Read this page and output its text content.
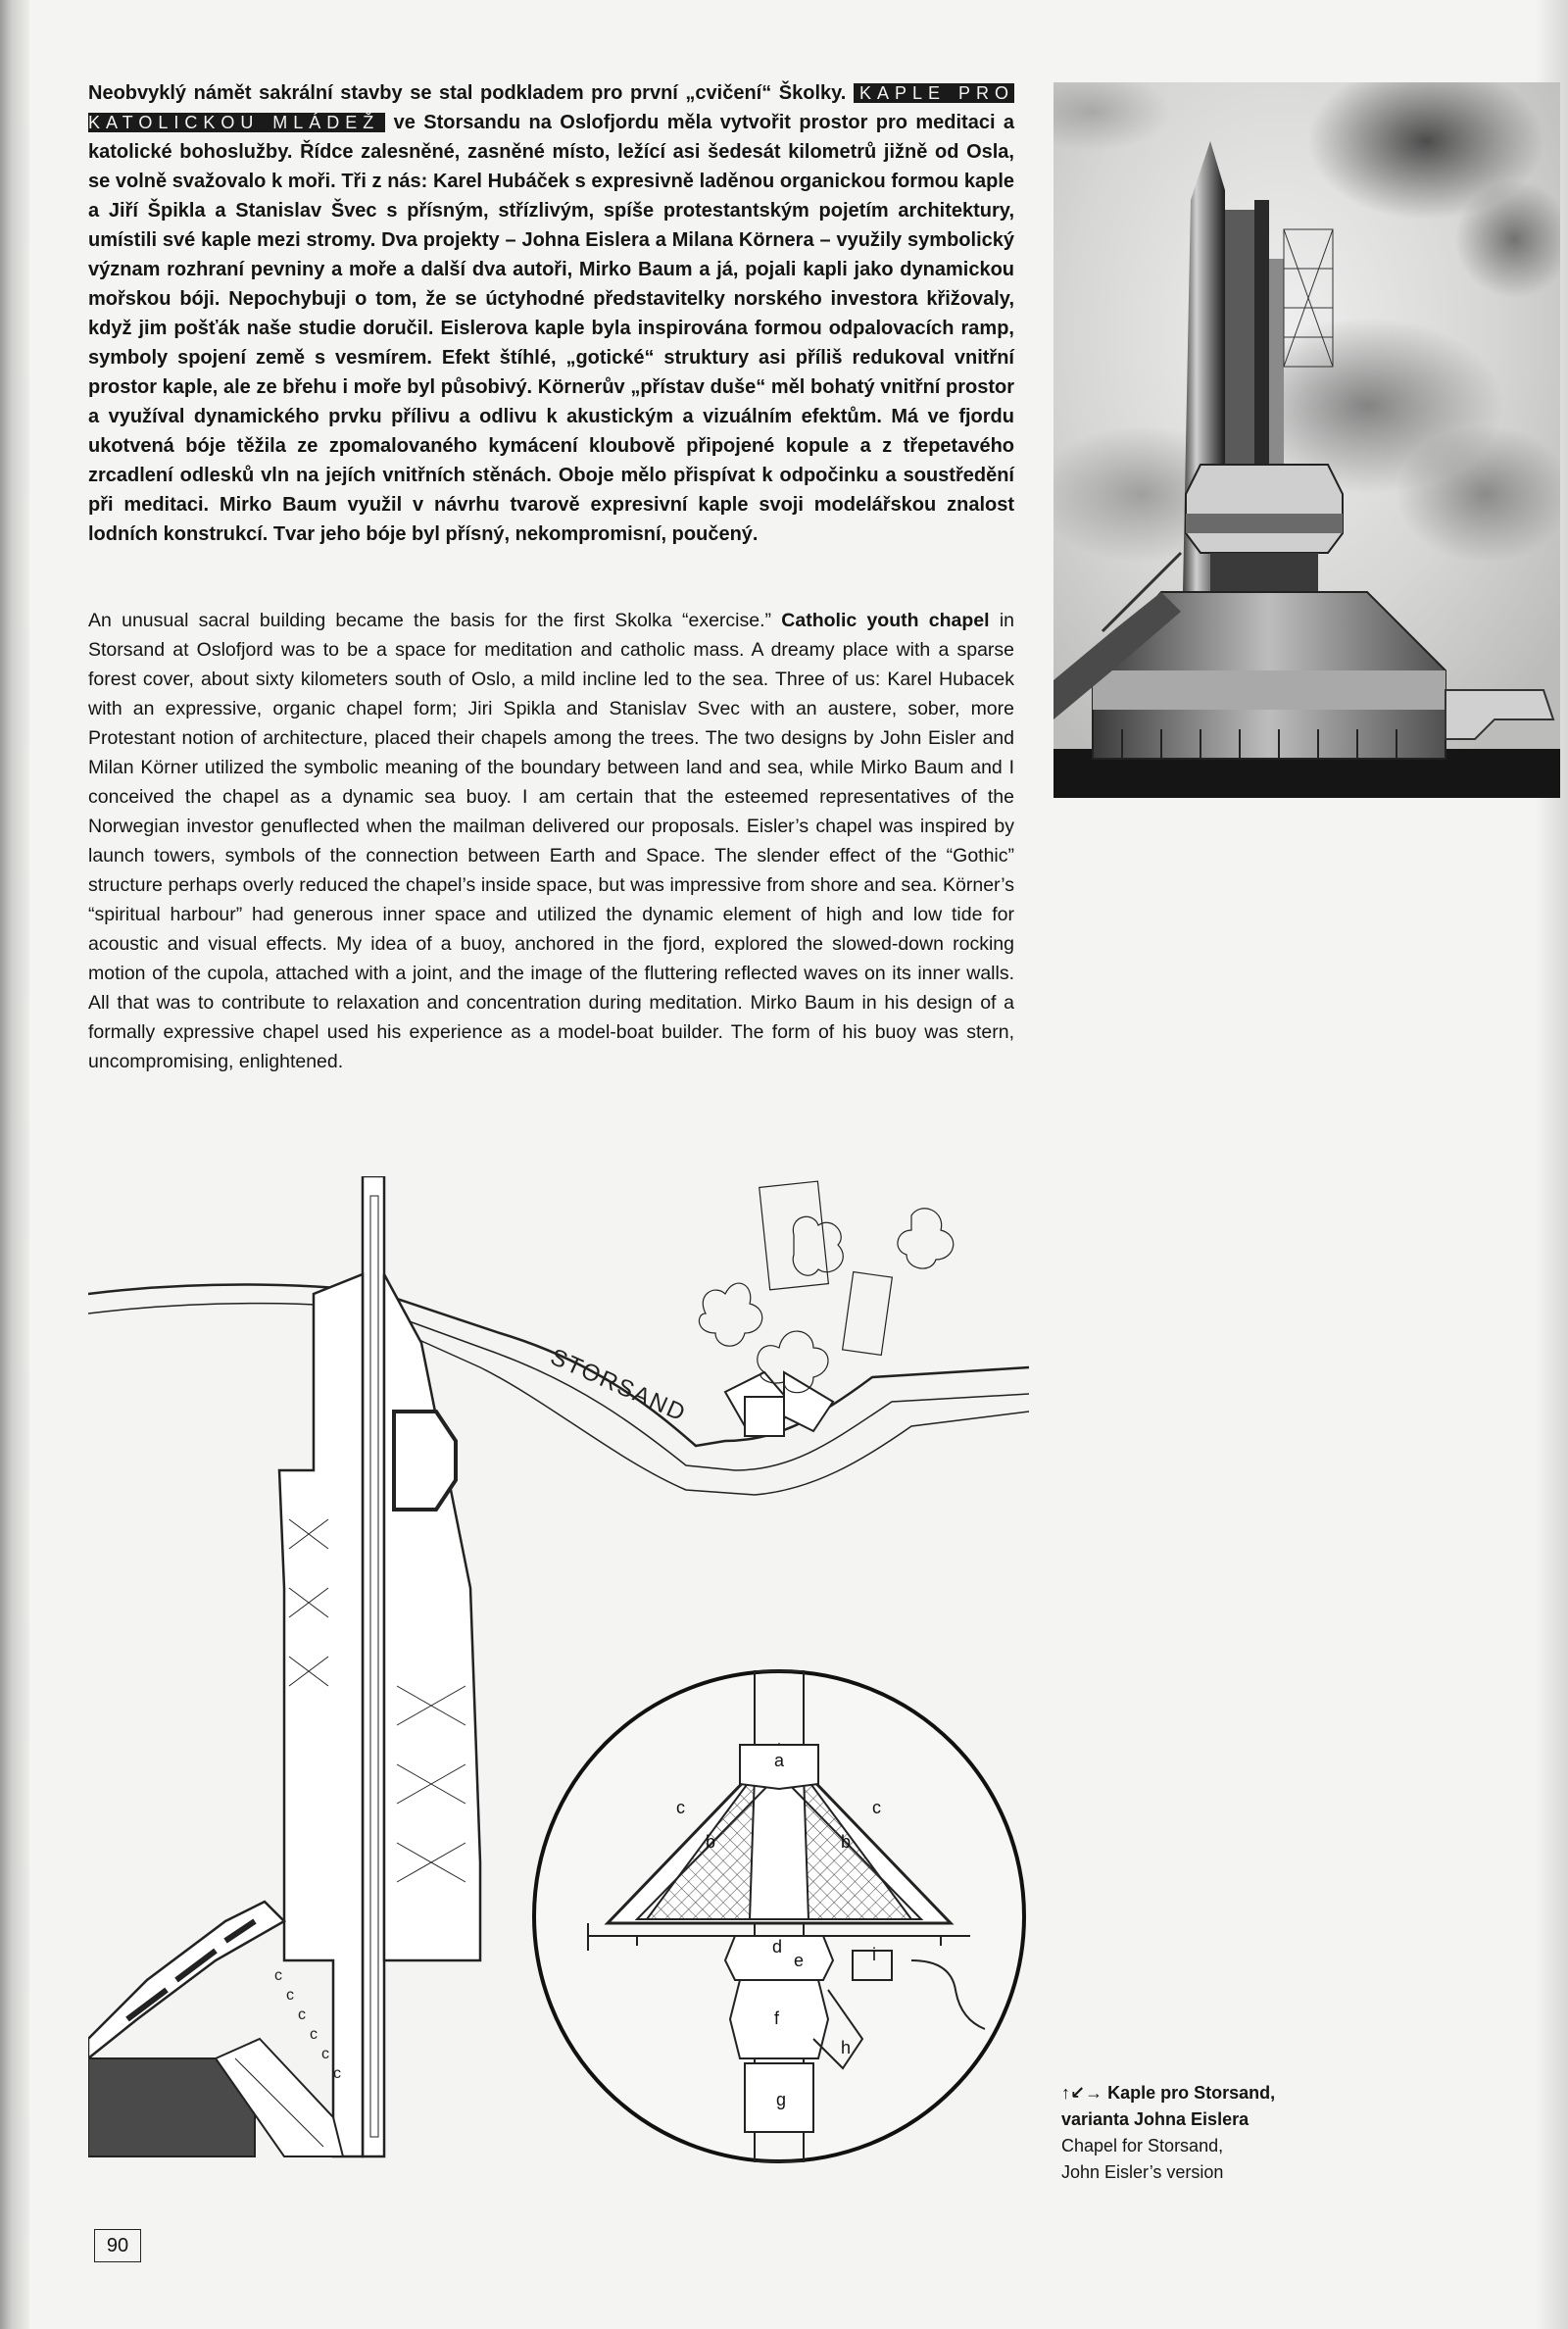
Neobvyklý námět sakrální stavby se stal podkladem pro první „cvičení“ Školky. KAPLE PRO KATOLICKOU MLÁDEŽ ve Storsandu na Oslofjordu měla vytvořit prostor pro meditaci a katolické bohoslužby. Řídce zalesněné, zasněné místo, ležící asi šedesát kilometrů jižně od Osla, se volně svažovalo k moři. Tři z nás: Karel Hubáček s expresivně laděnou organickou formou kaple a Jiří Špikla a Stanislav Švec s přísným, střízlivým, spíše protestantským pojetím architektury, umístili své kaple mezi stromy. Dva projekty – Johna Eislera a Milana Körnera – využily symbolický význam rozhraní pevniny a moře a další dva autoři, Mirko Baum a já, pojali kapli jako dynamickou mořskou bóji. Nepochybuji o tom, že se úctyhodné představitelky norského investora křižovaly, když jim pošťák naše studie doručil. Eislerova kaple byla inspirována formou odpalovacích ramp, symboly spojení země s vesmírem. Efekt štíhlé, „gotické“ struktury asi příliš redukoval vnitřní prostor kaple, ale ze břehu i moře byl působivý. Körnerův „přístav duše“ měl bohatý vnitřní prostor a využíval dynamického prvku přílivu a odlivu k akustickým a vizuálním efektům. Má ve fjordu ukotvená bóje těžila ze zpomalovaného kymácení kloubově připojené kopule a z třepetavého zrcadlení odlesků vln na jejích vnitřních stěnách. Oboje mělo přispívat k odpočinku a soustředění při meditaci. Mirko Baum využil v návrhu tvarově expresivní kaple svoji modelářskou znalost lodních konstrukcí. Tvar jeho bóje byl přísný, nekompromisní, poučený.

An unusual sacral building became the basis for the first Skolka “exercise.” Catholic youth chapel in Storsand at Oslofjord was to be a space for meditation and catholic mass. A dreamy place with a sparse forest cover, about sixty kilometers south of Oslo, a mild incline led to the sea. Three of us: Karel Hubacek with an expressive, organic chapel form; Jiri Spikla and Stanislav Svec with an austere, sober, more Protestant notion of architecture, placed their chapels among the trees. The two designs by John Eisler and Milan Körner utilized the symbolic meaning of the boundary between land and sea, while Mirko Baum and I conceived the chapel as a dynamic sea buoy. I am certain that the esteemed representatives of the Norwegian investor genuflected when the mailman delivered our proposals. Eisler’s chapel was inspired by launch towers, symbols of the connection between Earth and Space. The slender effect of the “Gothic” structure perhaps overly reduced the chapel’s inside space, but was impressive from shore and sea. Körner’s “spiritual harbour” had generous inner space and utilized the dynamic element of high and low tide for acoustic and visual effects. My idea of a buoy, anchored in the fjord, explored the slowed-down rocking motion of the cupola, attached with a joint, and the image of the fluttering reflected waves on its inner walls. All that was to contribute to relaxation and concentration during meditation. Mirko Baum in his design of a formally expressive chapel used his experience as a model-boat builder. The form of his buoy was stern, uncompromising, enlightened.

STORSAND
c
c
c
c
c
c
a
b	b
c	c
d
e
f
g
h
i
↑↙→ Kaple pro Storsand,
varianta Johna Eislera
Chapel for Storsand,
John Eisler’s version
90
